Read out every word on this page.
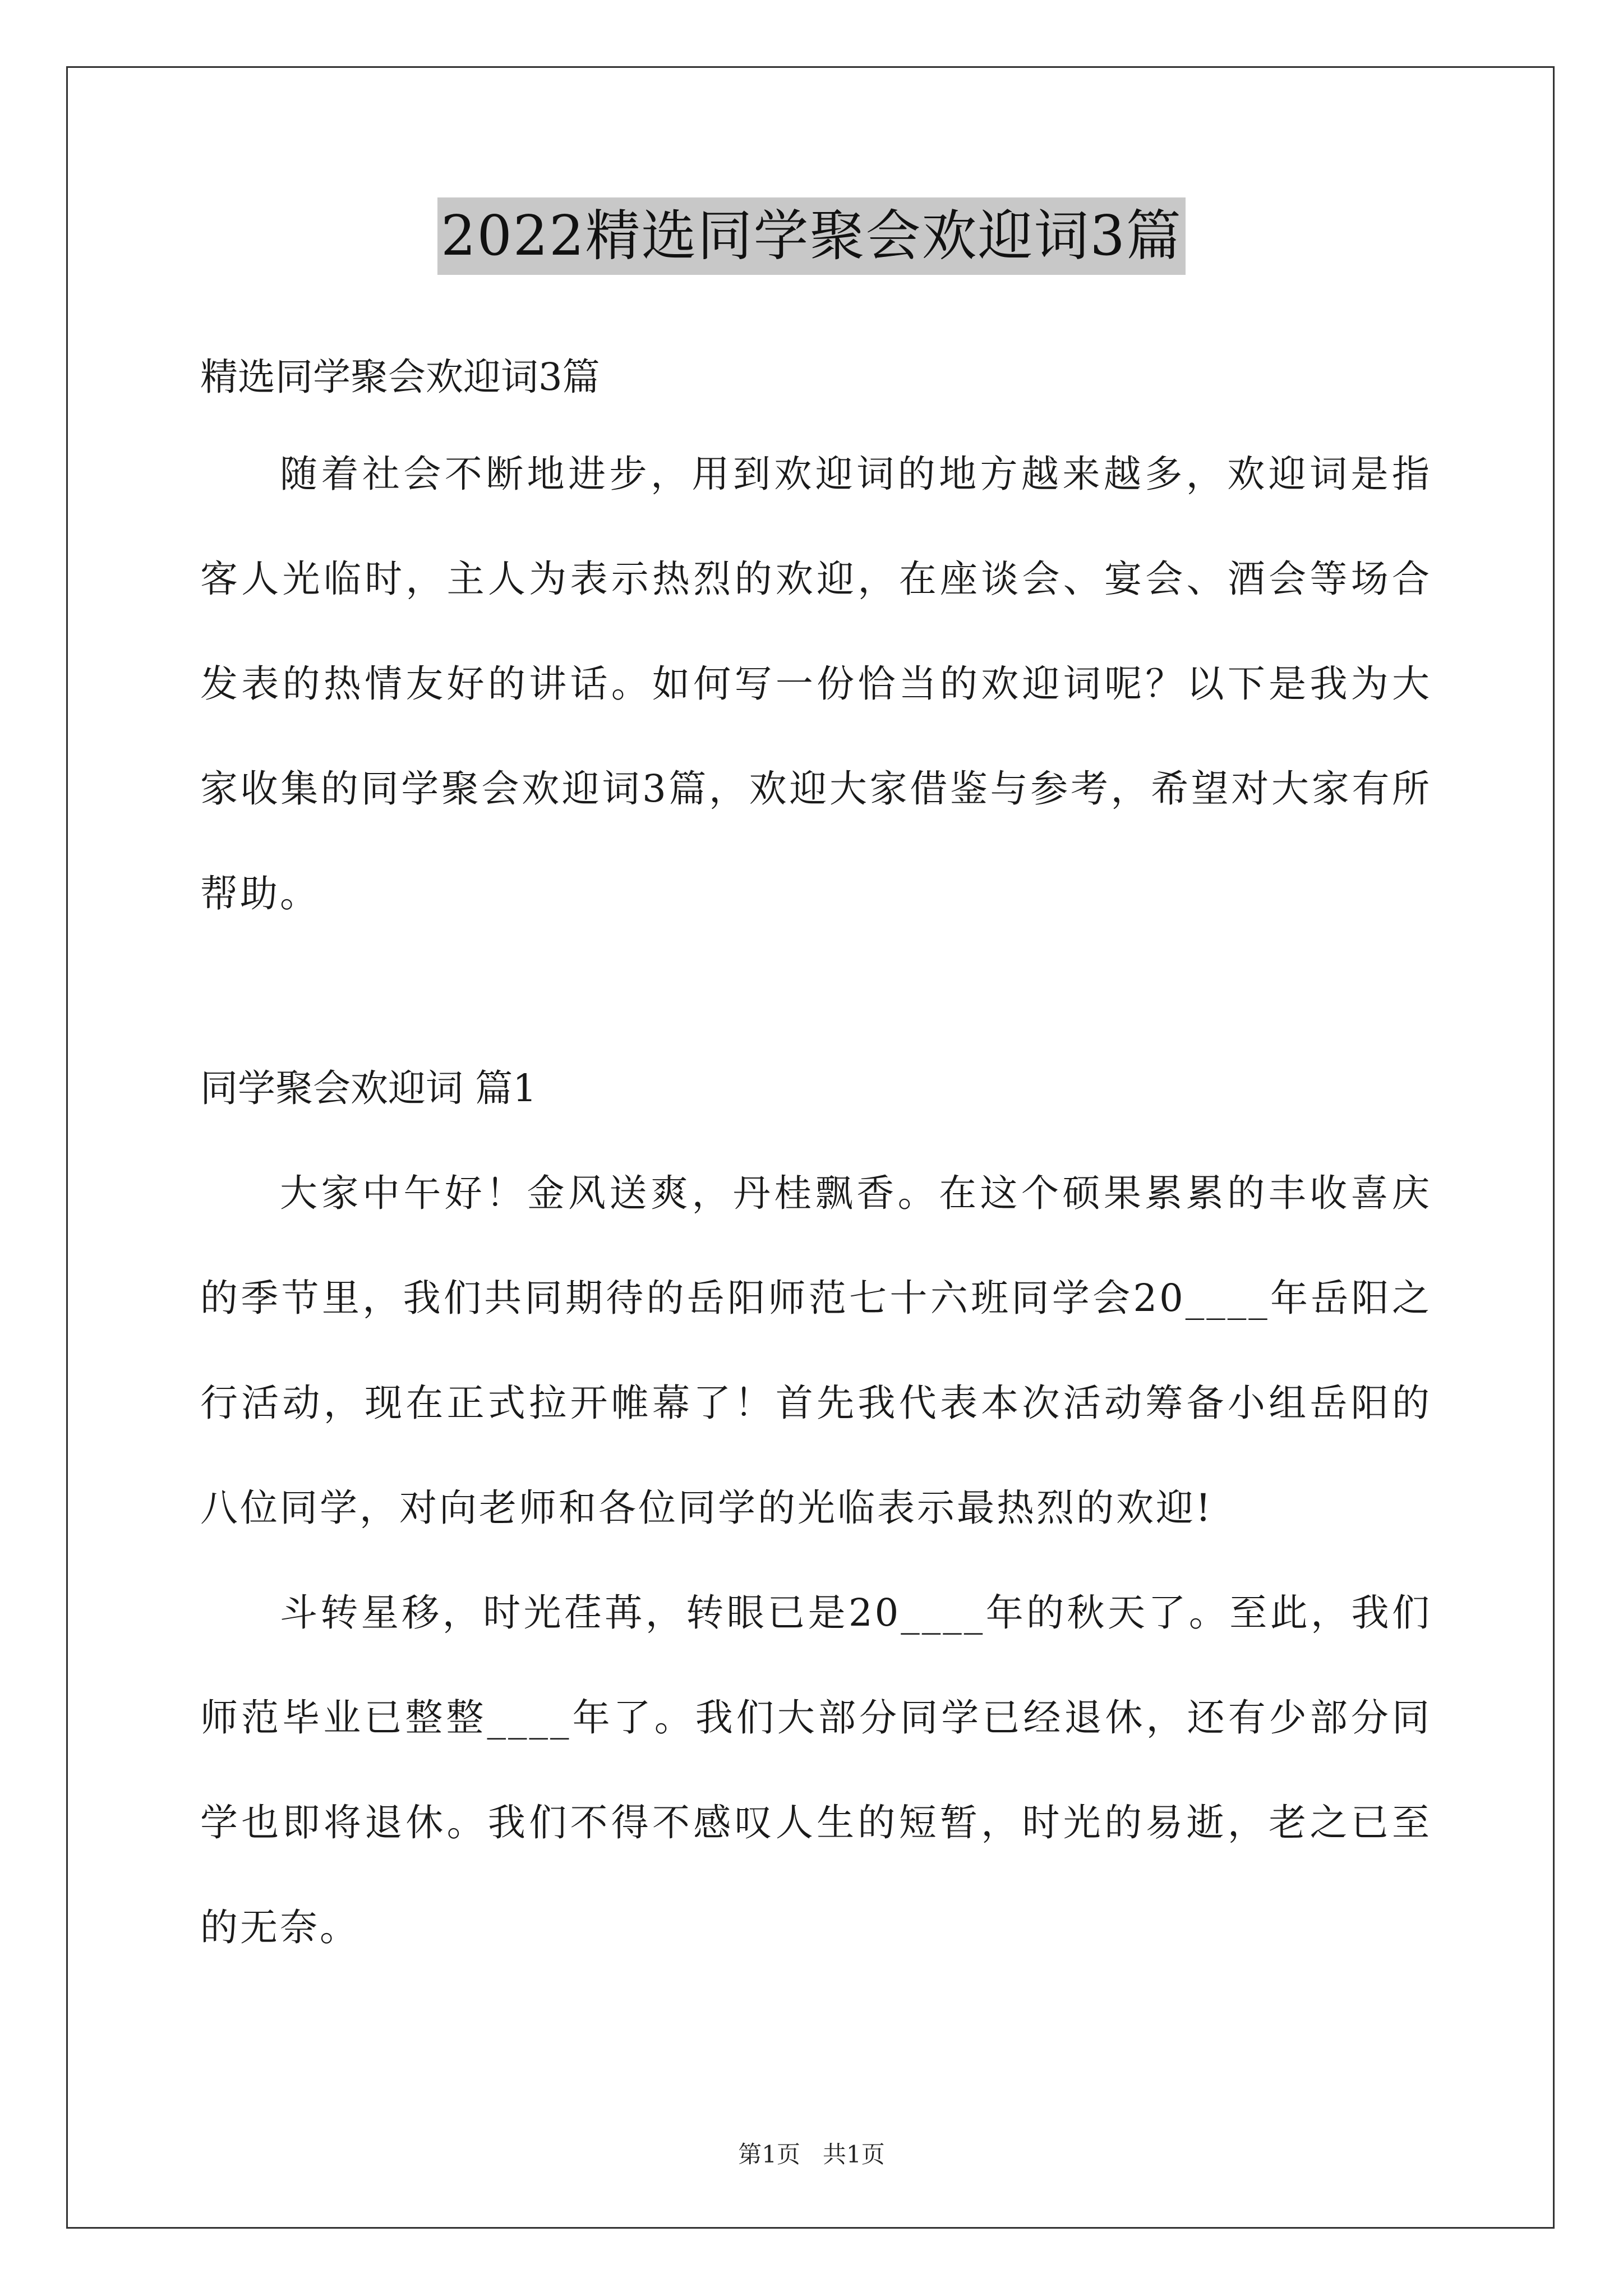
2022精选同学聚会欢迎词3篇

精选同学聚会欢迎词3篇

随着社会不断地进步，用到欢迎词的地方越来越多，欢迎词是指客人光临时，主人为表示热烈的欢迎，在座谈会、宴会、酒会等场合发表的热情友好的讲话。如何写一份恰当的欢迎词呢？以下是我为大家收集的同学聚会欢迎词3篇，欢迎大家借鉴与参考，希望对大家有所帮助。

同学聚会欢迎词 篇1

大家中午好！金风送爽，丹桂飘香。在这个硕果累累的丰收喜庆的季节里，我们共同期待的岳阳师范七十六班同学会20____年岳阳之行活动，现在正式拉开帷幕了！首先我代表本次活动筹备小组岳阳的八位同学，对向老师和各位同学的光临表示最热烈的欢迎!

斗转星移，时光荏苒，转眼已是20____年的秋天了。至此，我们师范毕业已整整____年了。我们大部分同学已经退休，还有少部分同学也即将退休。我们不得不感叹人生的短暂，时光的易逝，老之已至的无奈。

第1页   共1页
